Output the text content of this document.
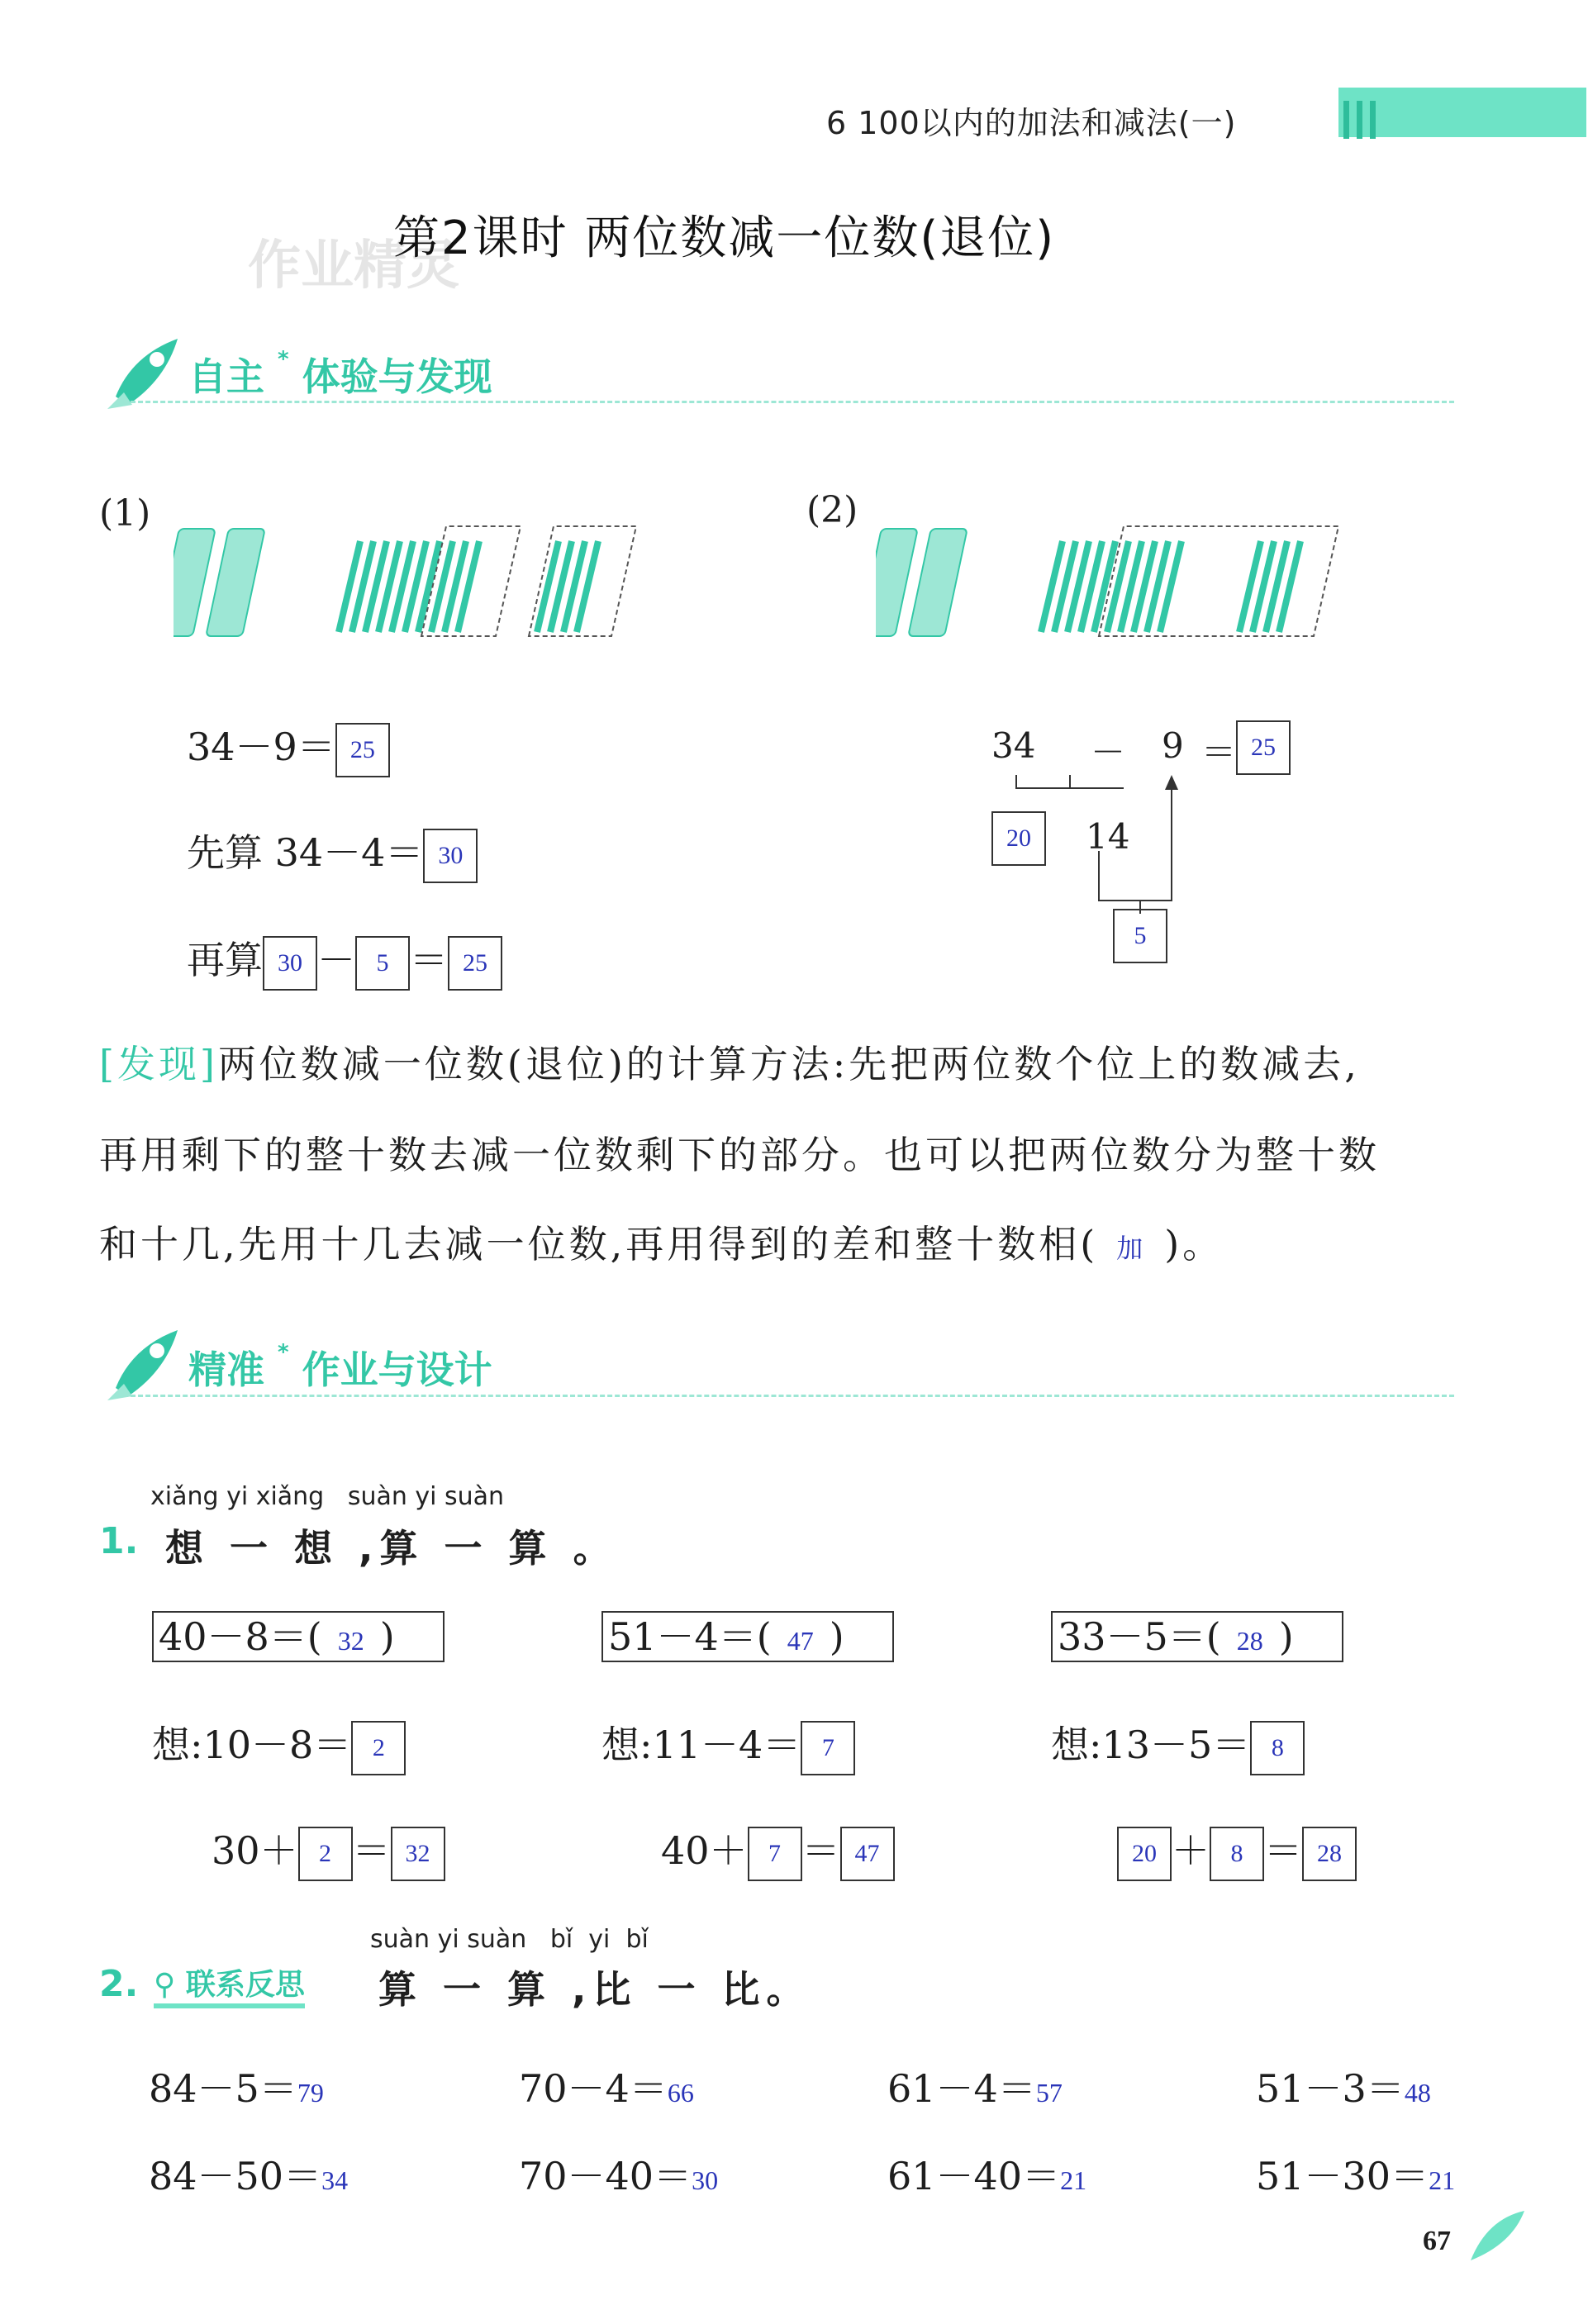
6 100以内的加法和减法(一)
作业精灵
第2课时 两位数减一位数(退位)
自主 * 体验与发现
(1)
34－9＝ 25
先算 34－4＝ 30
再算 30 － 5 ＝ 25
(2)
34 － 9 ＝ 25
20	14
5
[发现]两位数减一位数(退位)的计算方法:先把两位数个位上的数减去,
再用剩下的整十数去减一位数剩下的部分。也可以把两位数分为整十数
和十几,先用十几去减一位数,再用得到的差和整十数相( 加 )。
精准 * 作业与设计
xiǎng yi xiǎng   suàn yi suàn
1. 想 一 想 ,算 一 算 。
40－8＝( 32 )	51－4＝( 47 )	33－5＝( 28 )
想:10－8＝ 2	想:11－4＝ 7	想:13－5＝ 8
30＋ 2 ＝ 32	40＋ 7 ＝ 47	20 ＋ 8 ＝ 28
suàn yi suàn   bǐ  yi  bǐ
2. ⚲ 联系反思 算 一 算 ,比 一 比。
84－5＝79	70－4＝66	61－4＝57	51－3＝48
84－50＝34	70－40＝30	61－40＝21	51－30＝21
67
